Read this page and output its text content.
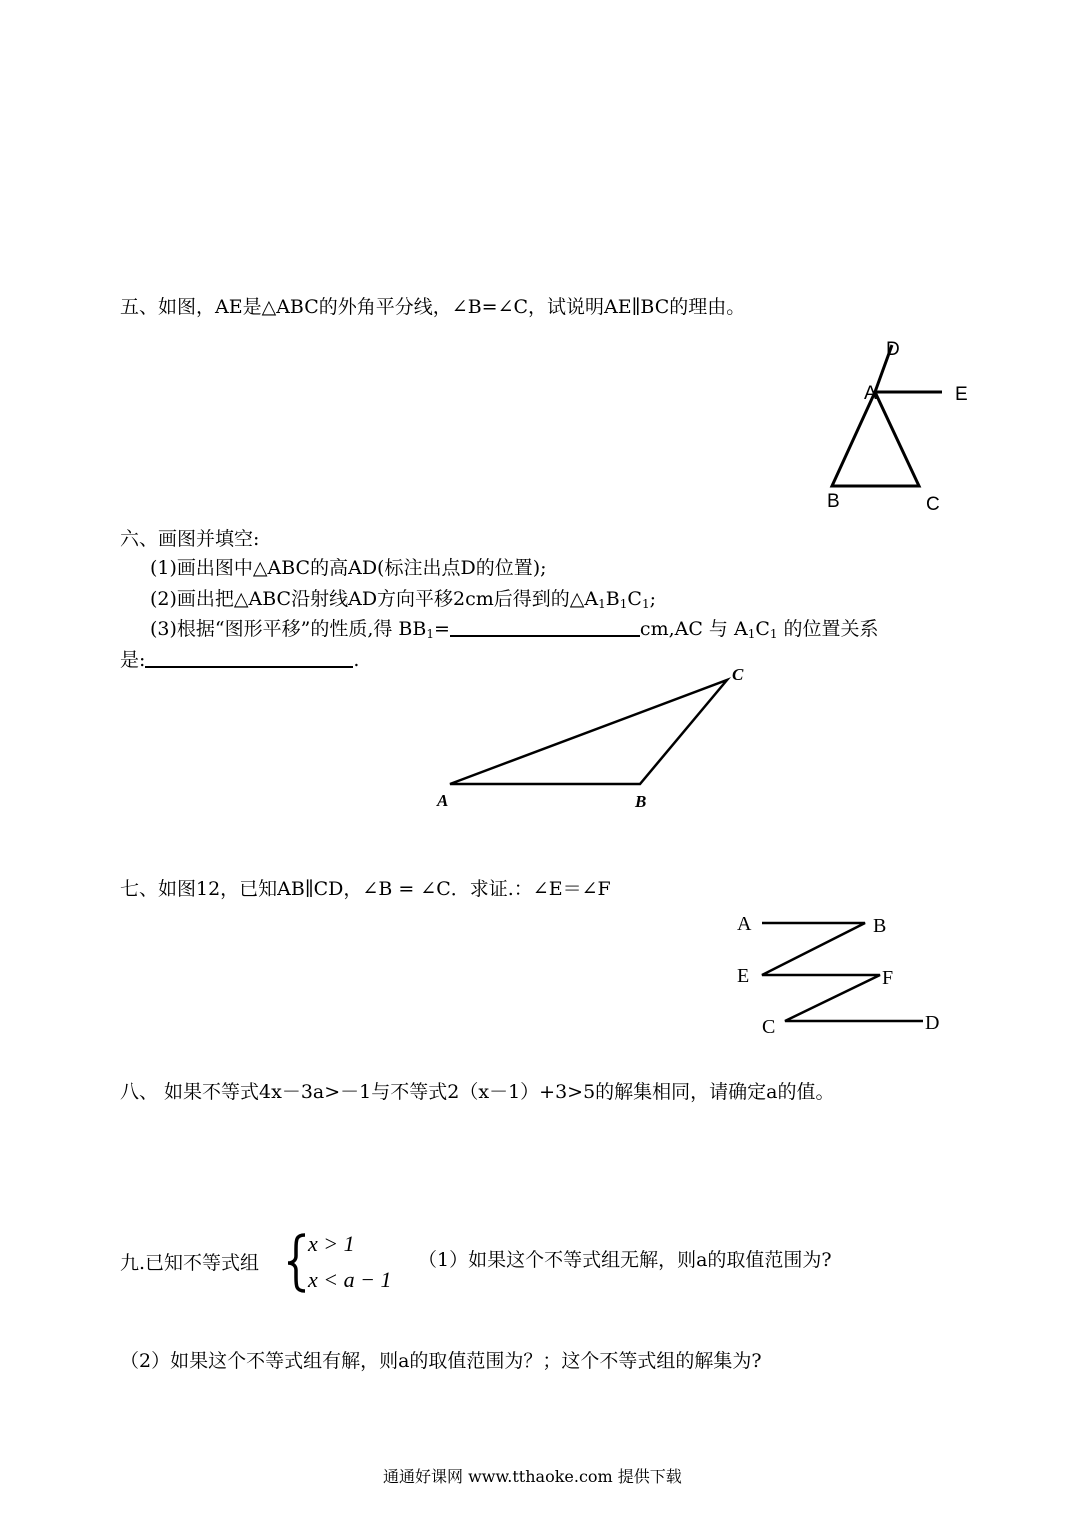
五、如图，AE是△ABC的外角平分线，∠B=∠C，试说明AE∥BC的理由。
D
A	E
B	C
六、画图并填空:
(1)画出图中△ABC的高AD(标注出点D的位置);
(2)画出把△ABC沿射线AD方向平移2cm后得到的$\triangle A_1B_1C_1$;
(3)根据“图形平移”的性质,得 $BB_1=$	cm,AC 与 $A_1C_1$ 的位置关系
是:	.
A	B
C
七、如图12，已知AB∥CD，∠B = ∠C．求证.：∠E＝∠F
A	B
E	F
C	D
八、 如果不等式4x－3a>－1与不等式2（x－1）+3>5的解集相同，请确定a的值。
九.已知不等式组
x > 1
x < a − 1
（1）如果这个不等式组无解，则a的取值范围为?
（2）如果这个不等式组有解，则a的取值范围为？；这个不等式组的解集为?
通通好课网 www.tthaoke.com 提供下载
